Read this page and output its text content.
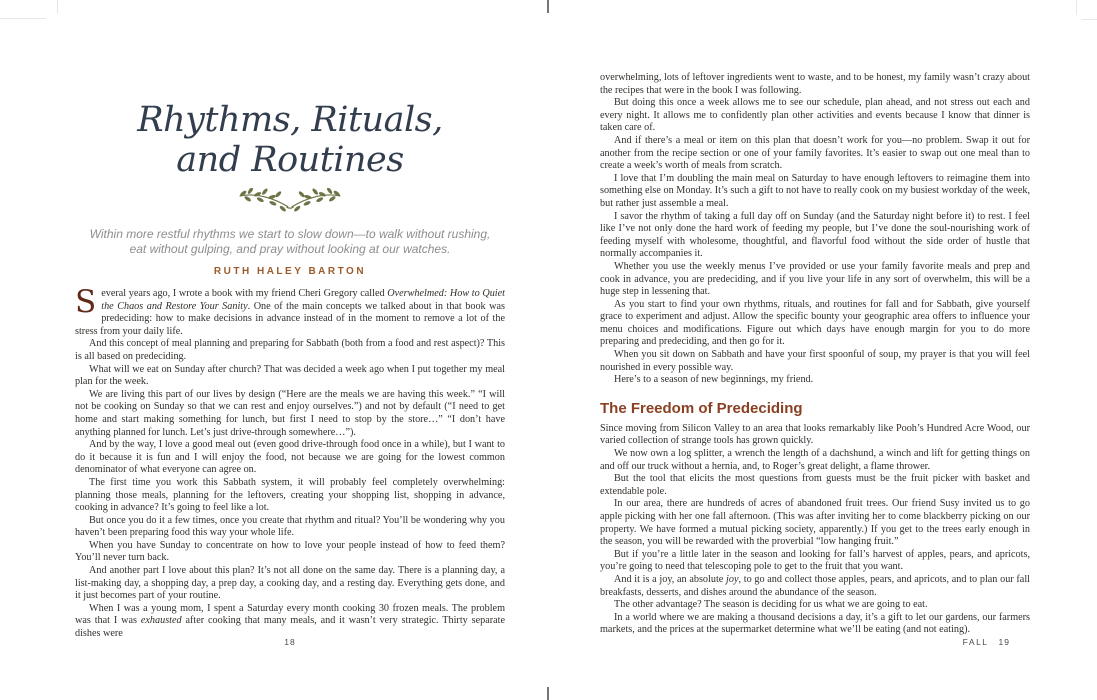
Rhythms, Rituals,
and Routines
Within more restful rhythms we start to slow down—to walk without rushing,
eat without gulping, and pray without looking at our watches.
RUTH HALEY BARTON

Several years ago, I wrote a book with my friend Cheri Gregory called Overwhelmed: How to Quiet the Chaos and Restore Your Sanity. One of the main concepts we talked about in that book was predeciding: how to make decisions in advance instead of in the moment to remove a lot of the stress from your daily life.

And this concept of meal planning and preparing for Sabbath (both from a food and rest aspect)? This is all based on predeciding.

What will we eat on Sunday after church? That was decided a week ago when I put together my meal plan for the week.

We are living this part of our lives by design (“Here are the meals we are having this week.” “I will not be cooking on Sunday so that we can rest and enjoy ourselves.”) and not by default (“I need to get home and start making something for lunch, but first I need to stop by the store…” “I don’t have anything planned for lunch. Let’s just drive-through somewhere…”).

And by the way, I love a good meal out (even good drive-through food once in a while), but I want to do it because it is fun and I will enjoy the food, not because we are going for the lowest common denominator of what everyone can agree on.

The first time you work this Sabbath system, it will probably feel completely overwhelming: planning those meals, planning for the leftovers, creating your shopping list, shopping in advance, cooking in advance? It’s going to feel like a lot.

But once you do it a few times, once you create that rhythm and ritual? You’ll be wondering why you haven’t been preparing food this way your whole life.

When you have Sunday to concentrate on how to love your people instead of how to feed them? You’ll never turn back.

And another part I love about this plan? It’s not all done on the same day. There is a planning day, a list-making day, a shopping day, a prep day, a cooking day, and a resting day. Everything gets done, and it just becomes part of your routine.

When I was a young mom, I spent a Saturday every month cooking 30 frozen meals. The problem was that I was exhausted after cooking that many meals, and it wasn’t very strategic. Thirty separate dishes were

overwhelming, lots of leftover ingredients went to waste, and to be honest, my family wasn’t crazy about the recipes that were in the book I was following.

But doing this once a week allows me to see our schedule, plan ahead, and not stress out each and every night. It allows me to confidently plan other activities and events because I know that dinner is taken care of.

And if there’s a meal or item on this plan that doesn’t work for you—no problem. Swap it out for another from the recipe section or one of your family favorites. It’s easier to swap out one meal than to create a week’s worth of meals from scratch.

I love that I’m doubling the main meal on Saturday to have enough leftovers to reimagine them into something else on Monday. It’s such a gift to not have to really cook on my busiest workday of the week, but rather just assemble a meal.

I savor the rhythm of taking a full day off on Sunday (and the Saturday night before it) to rest. I feel like I’ve not only done the hard work of feeding my people, but I’ve done the soul-nourishing work of feeding myself with wholesome, thoughtful, and flavorful food without the side order of hustle that normally accompanies it.

Whether you use the weekly menus I’ve provided or use your family favorite meals and prep and cook in advance, you are predeciding, and if you live your life in any sort of overwhelm, this will be a huge step in lessening that.

As you start to find your own rhythms, rituals, and routines for fall and for Sabbath, give yourself grace to experiment and adjust. Allow the specific bounty your geographic area offers to influence your menu choices and modifications. Figure out which days have enough margin for you to do more preparing and predeciding, and then go for it.

When you sit down on Sabbath and have your first spoonful of soup, my prayer is that you will feel nourished in every possible way.

Here’s to a season of new beginnings, my friend.

The Freedom of Predeciding

Since moving from Silicon Valley to an area that looks remarkably like Pooh’s Hundred Acre Wood, our varied collection of strange tools has grown quickly.

We now own a log splitter, a wrench the length of a dachshund, a winch and lift for getting things on and off our truck without a hernia, and, to Roger’s great delight, a flame thrower.

But the tool that elicits the most questions from guests must be the fruit picker with basket and extendable pole.

In our area, there are hundreds of acres of abandoned fruit trees. Our friend Susy invited us to go apple picking with her one fall afternoon. (This was after inviting her to come blackberry picking on our property. We have formed a mutual picking society, apparently.) If you get to the trees early enough in the season, you will be rewarded with the proverbial “low hanging fruit.”

But if you’re a little later in the season and looking for fall’s harvest of apples, pears, and apricots, you’re going to need that telescoping pole to get to the fruit that you want.

And it is a joy, an absolute joy, to go and collect those apples, pears, and apricots, and to plan our fall breakfasts, desserts, and dishes around the abundance of the season.

The other advantage? The season is deciding for us what we are going to eat.

In a world where we are making a thousand decisions a day, it’s a gift to let our gardens, our farmers markets, and the prices at the supermarket determine what we’ll be eating (and not eating).

18	FALL 19
